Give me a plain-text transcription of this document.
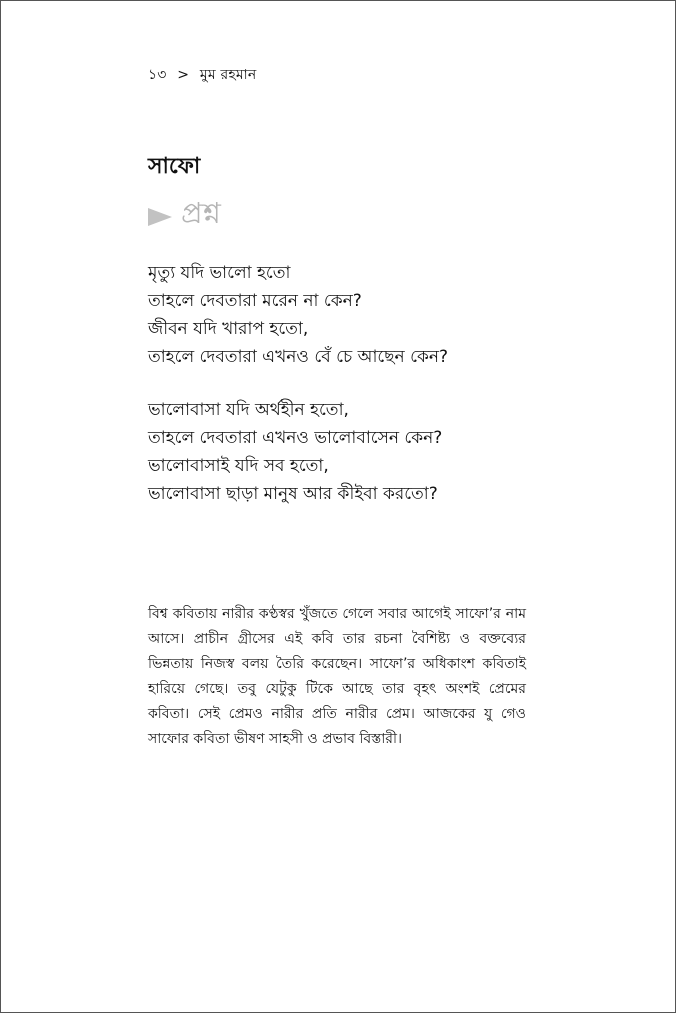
১৩ > মুম রহমান
সাফো
প্রশ্ন
মৃত্যু যদি ভালো হতো
তাহলে দেবতারা মরেন না কেন?
জীবন যদি খারাপ হতো,
তাহলে দেবতারা এখনও বেঁ চে আছেন কেন?
ভালোবাসা যদি অর্থহীন হতো,
তাহলে দেবতারা এখনও ভালোবাসেন কেন?
ভালোবাসাই যদি সব হতো,
ভালোবাসা ছাড়া মানুষ আর কীইবা করতো?

বিশ্ব কবিতায় নারীর কণ্ঠস্বর খুঁজতে গেলে সবার আগেই সাফো’র নাম আসে। প্রাচীন গ্রীসের এই কবি তার রচনা বৈশিষ্ট্য ও বক্তব্যের ভিন্নতায় নিজস্ব বলয় তৈরি করেছেন। সাফো’র অধিকাংশ কবিতাই হারিয়ে গেছে। তবু যেটুকু টিকে আছে তার বৃহৎ অংশই প্রেমের কবিতা। সেই প্রেমও নারীর প্রতি নারীর প্রেম। আজকের যু গেও সাফোর কবিতা ভীষণ সাহসী ও প্রভাব বিস্তারী।
